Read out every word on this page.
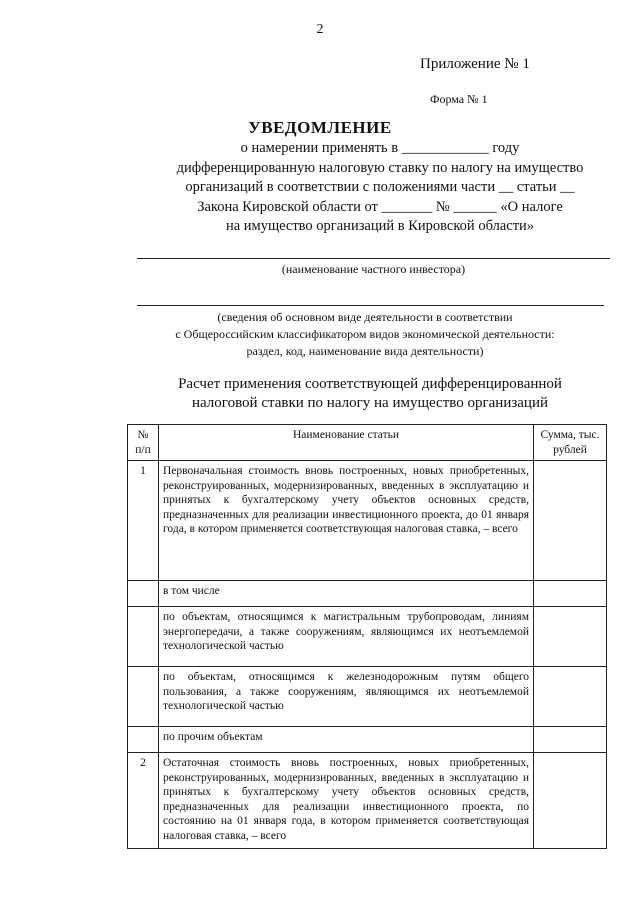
2
Приложение № 1
Форма № 1
УВЕДОМЛЕНИЕ

о намерении применять в ____________ году

дифференцированную налоговую ставку по налогу на имущество

организаций в соответствии с положениями части __ статьи __

Закона Кировской области от _______ № ______ «О налоге

на имущество организаций в Кировской области»

(наименование частного инвестора)

(сведения об основном виде деятельности в соответствии

с Общероссийским классификатором видов экономической деятельности:

раздел, код, наименование вида деятельности)

Расчет применения соответствующей дифференцированной

налоговой ставки по налогу на имущество организаций

№ п/п	Наименование статьи	Сумма, тыс. рублей
1	Первоначальная стоимость вновь построенных, новых приобретенных, реконструированных, модернизированных, введенных в эксплуатацию и принятых к бухгалтерскому учету объектов основных средств, предназначенных для реализации инвестиционного проекта, до 01 января года, в котором применяется соответствующая налоговая ставка, – всего	
	в том числе	
	по объектам, относящимся к магистральным трубопроводам, линиям энергопередачи, а также сооружениям, являющимся их неотъемлемой технологической частью	
	по объектам, относящимся к железнодорожным путям общего пользования, а также сооружениям, являющимся их неотъемлемой технологической частью	
	по прочим объектам	
2	Остаточная стоимость вновь построенных, новых приобретенных, реконструированных, модернизированных, введенных в эксплуатацию и принятых к бухгалтерскому учету объектов основных средств, предназначенных для реализации инвестиционного проекта, по состоянию на 01 января года, в котором применяется соответствующая налоговая ставка, – всего	
